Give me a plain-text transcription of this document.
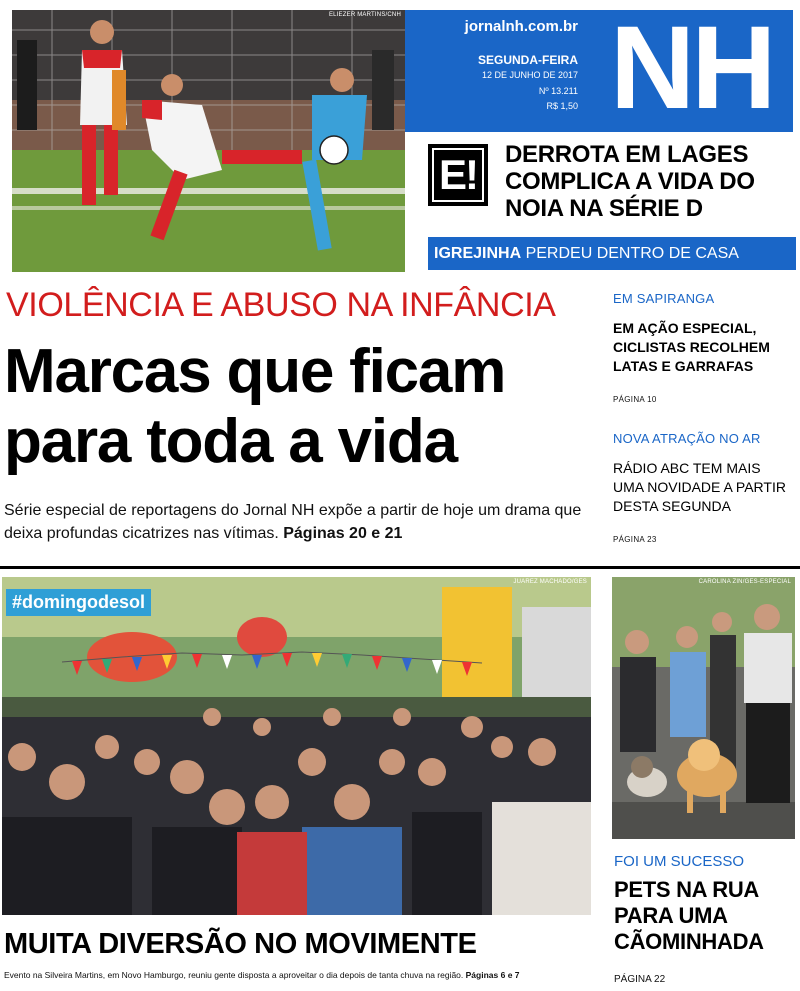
ELIEZER MARTINS/CNH
jornalnh.com.br
SEGUNDA-FEIRA
12 DE JUNHO DE 2017
Nº 13.211
R$ 1,50 NH
E!	DERROTA EM LAGES COMPLICA A VIDA DO NOIA NA SÉRIE D
IGREJINHA PERDEU DENTRO DE CASA
VIOLÊNCIA E ABUSO NA INFÂNCIA
Marcas que ficam
para toda a vida
Série especial de reportagens do Jornal NH expõe a partir de hoje um drama que deixa profundas cicatrizes nas vítimas. Páginas 20 e 21
EM SAPIRANGA
EM AÇÃO ESPECIAL, CICLISTAS RECOLHEM LATAS E GARRAFAS
PÁGINA 10
NOVA ATRAÇÃO NO AR
RÁDIO ABC TEM MAIS UMA NOVIDADE A PARTIR DESTA SEGUNDA
PÁGINA 23
JUAREZ MACHADO/GES
#domingodesol
MUITA DIVERSÃO NO MOVIMENTE
Evento na Silveira Martins, em Novo Hamburgo, reuniu gente disposta a aproveitar o dia depois de tanta chuva na região. Páginas 6 e 7
CAROLINA ZIN/GES-ESPECIAL
FOI UM SUCESSO
PETS NA RUA PARA UMA CÃOMINHADA
PÁGINA 22
